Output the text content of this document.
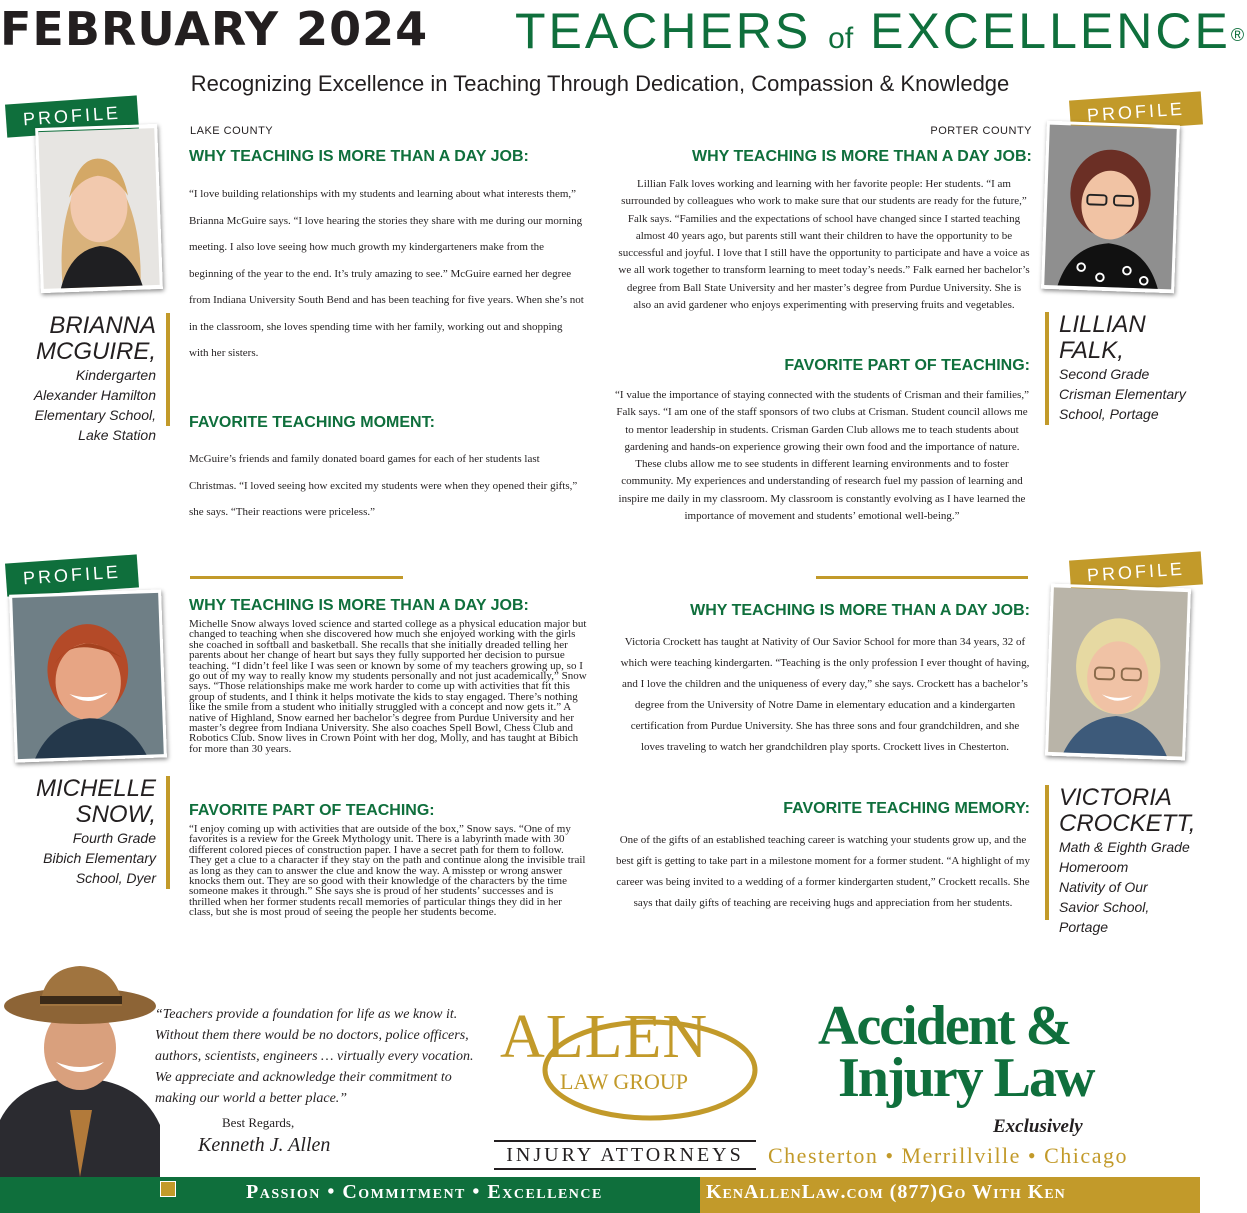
FEBRUARY 2024	TEACHERS of EXCELLENCE®
Recognizing Excellence in Teaching Through Dedication, Compassion & Knowledge
PROFILE
BRIANNA
MCGUIRE,
Kindergarten
Alexander Hamilton
Elementary School,
Lake Station
LAKE COUNTY
WHY TEACHING IS MORE THAN A DAY JOB:
“I love building relationships with my students and learning about what interests them,” Brianna McGuire says. “I love hearing the stories they share with me during our morning meeting. I also love seeing how much growth my kindergarteners make from the beginning of the year to the end. It’s truly amazing to see.” McGuire earned her degree from Indiana University South Bend and has been teaching for five years. When she’s not in the classroom, she loves spending time with her family, working out and shopping with her sisters.
FAVORITE TEACHING MOMENT:
McGuire’s friends and family donated board games for each of her students last Christmas. “I loved seeing how excited my students were when they opened their gifts,” she says. “Their reactions were priceless.”
PROFILE
LILLIAN
FALK,
Second Grade
Crisman Elementary
School, Portage
PORTER COUNTY
WHY TEACHING IS MORE THAN A DAY JOB:
Lillian Falk loves working and learning with her favorite people: Her students. “I am surrounded by colleagues who work to make sure that our students are ready for the future,” Falk says. “Families and the expectations of school have changed since I started teaching almost 40 years ago, but parents still want their children to have the opportunity to be successful and joyful. I love that I still have the opportunity to participate and have a voice as we all work together to transform learning to meet today’s needs.” Falk earned her bachelor’s degree from Ball State University and her master’s degree from Purdue University. She is also an avid gardener who enjoys experimenting with preserving fruits and vegetables.
FAVORITE PART OF TEACHING:
“I value the importance of staying connected with the students of Crisman and their families,” Falk says. “I am one of the staff sponsors of two clubs at Crisman. Student council allows me to mentor leadership in students. Crisman Garden Club allows me to teach students about gardening and hands-on experience growing their own food and the importance of nature. These clubs allow me to see students in different learning environments and to foster community. My experiences and understanding of research fuel my passion of learning and inspire me daily in my classroom. My classroom is constantly evolving as I have learned the importance of movement and students’ emotional well-being.”
PROFILE
MICHELLE
SNOW,
Fourth Grade
Bibich Elementary
School, Dyer
WHY TEACHING IS MORE THAN A DAY JOB:
Michelle Snow always loved science and started college as a physical education major but changed to teaching when she discovered how much she enjoyed working with the girls she coached in softball and basketball. She recalls that she initially dreaded telling her parents about her change of heart but says they fully supported her decision to pursue teaching. “I didn’t feel like I was seen or known by some of my teachers growing up, so I go out of my way to really know my students personally and not just academically,” Snow says. “Those relationships make me work harder to come up with activities that fit this group of students, and I think it helps motivate the kids to stay engaged. There’s nothing like the smile from a student who initially struggled with a concept and now gets it.” A native of Highland, Snow earned her bachelor’s degree from Purdue University and her master’s degree from Indiana University. She also coaches Spell Bowl, Chess Club and Robotics Club. Snow lives in Crown Point with her dog, Molly, and has taught at Bibich for more than 30 years.
FAVORITE PART OF TEACHING:
“I enjoy coming up with activities that are outside of the box,” Snow says. “One of my favorites is a review for the Greek Mythology unit. There is a labyrinth made with 30 different colored pieces of construction paper. I have a secret path for them to follow. They get a clue to a character if they stay on the path and continue along the invisible trail as long as they can to answer the clue and know the way. A misstep or wrong answer knocks them out. They are so good with their knowledge of the characters by the time someone makes it through.” She says she is proud of her students’ successes and is thrilled when her former students recall memories of particular things they did in her class, but she is most proud of seeing the people her students become.
PROFILE
VICTORIA
CROCKETT,
Math & Eighth Grade
Homeroom
Nativity of Our
Savior School, Portage
WHY TEACHING IS MORE THAN A DAY JOB:
Victoria Crockett has taught at Nativity of Our Savior School for more than 34 years, 32 of which were teaching kindergarten. “Teaching is the only profession I ever thought of having, and I love the children and the uniqueness of every day,” she says. Crockett has a bachelor’s degree from the University of Notre Dame in elementary education and a kindergarten certification from Purdue University. She has three sons and four grandchildren, and she loves traveling to watch her grandchildren play sports. Crockett lives in Chesterton.
FAVORITE TEACHING MEMORY:
One of the gifts of an established teaching career is watching your students grow up, and the best gift is getting to take part in a milestone moment for a former student. “A highlight of my career was being invited to a wedding of a former kindergarten student,” Crockett recalls. She says that daily gifts of teaching are receiving hugs and appreciation from her students.
“Teachers provide a foundation for life as we know it. Without them there would be no doctors, police officers, authors, scientists, engineers … virtually every vocation. We appreciate and acknowledge their commitment to making our world a better place.”
Best Regards,
Kenneth J. Allen
ALLEN
LAW GROUP
INJURY ATTORNEYS
Accident &
Injury Law
Exclusively
Chesterton • Merrillville • Chicago
Passion • Commitment • Excellence	KenAllenLaw.com (877)Go With Ken
